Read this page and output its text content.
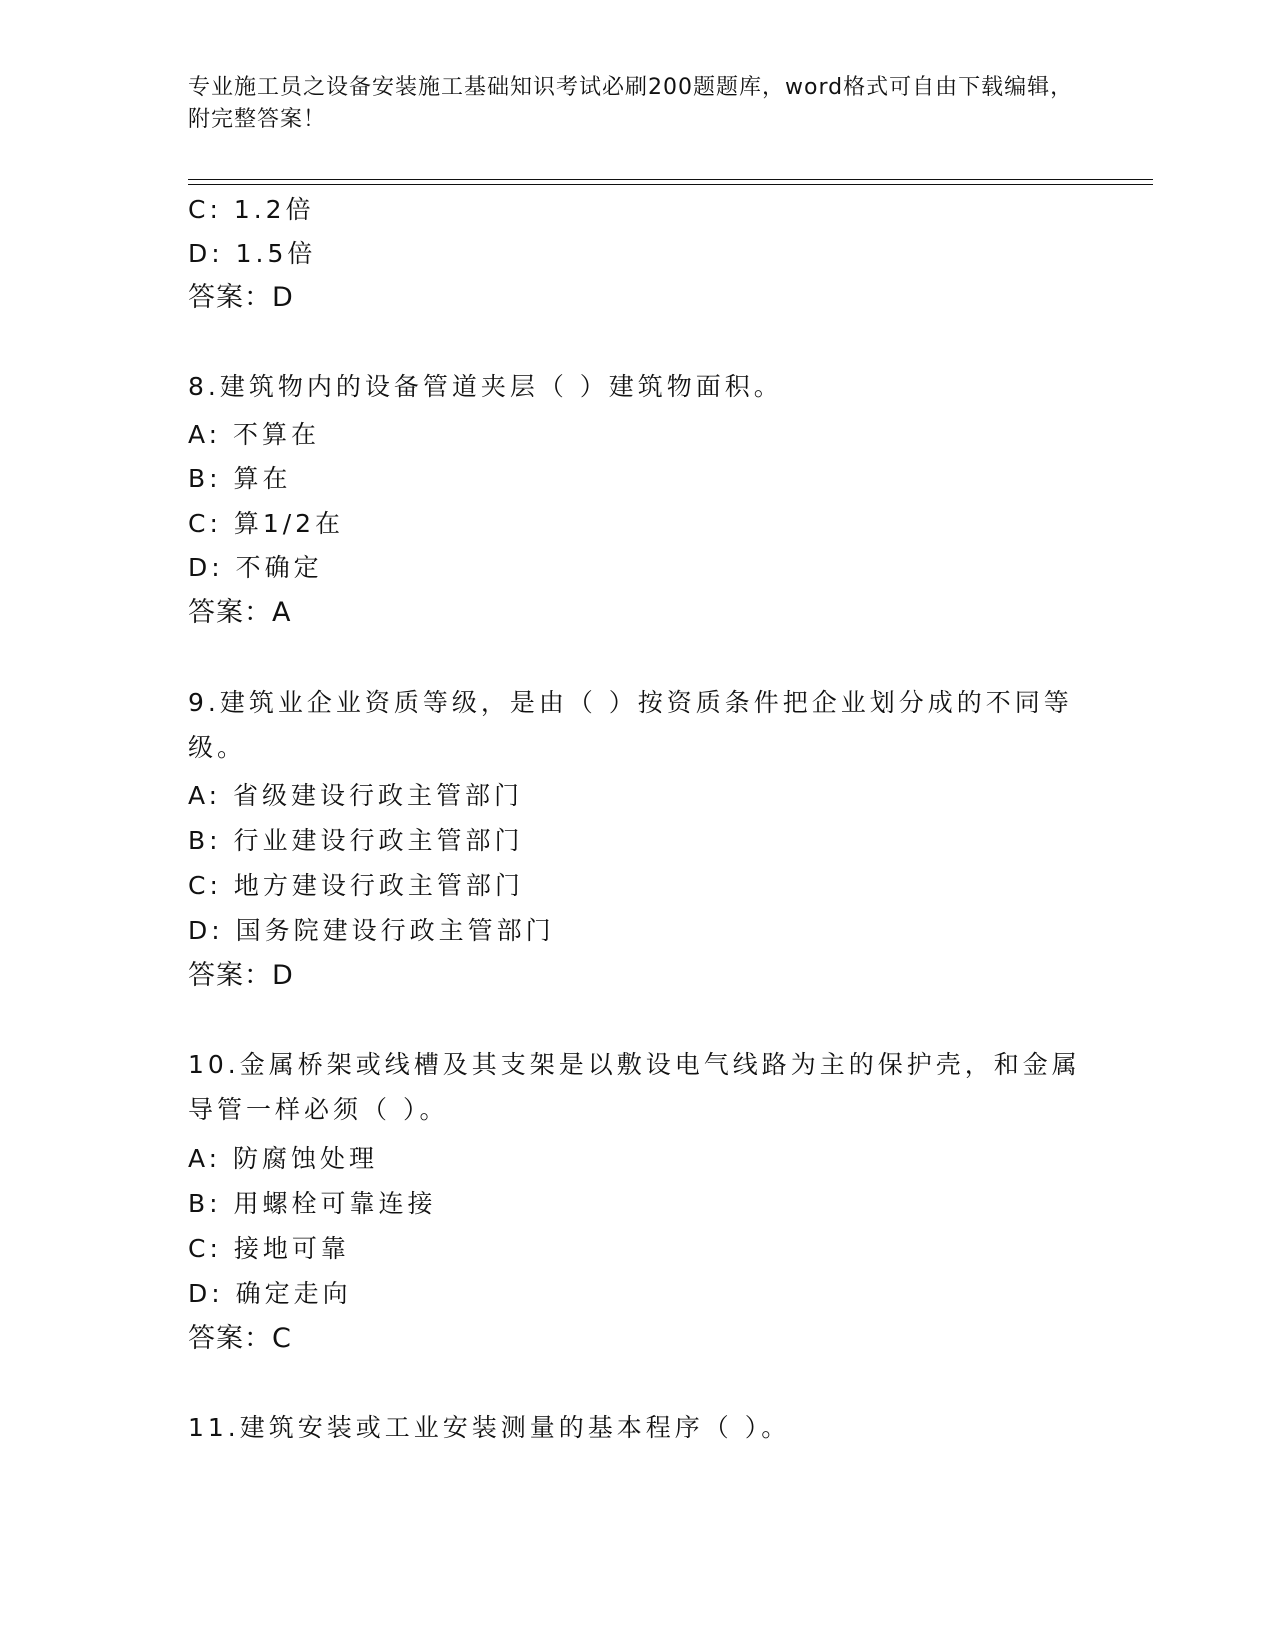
专业施工员之设备安装施工基础知识考试必刷200题题库，word格式可自由下载编辑，附完整答案！
C: 1.2倍
D: 1.5倍
答案：D
8.建筑物内的设备管道夹层（ ）建筑物面积。
A: 不算在
B: 算在
C: 算1/2在
D: 不确定
答案：A
9.建筑业企业资质等级，是由（ ）按资质条件把企业划分成的不同等级。
A: 省级建设行政主管部门
B: 行业建设行政主管部门
C: 地方建设行政主管部门
D: 国务院建设行政主管部门
答案：D
10.金属桥架或线槽及其支架是以敷设电气线路为主的保护壳，和金属导管一样必须（ ）。
A: 防腐蚀处理
B: 用螺栓可靠连接
C: 接地可靠
D: 确定走向
答案：C
11.建筑安装或工业安装测量的基本程序（ ）。
